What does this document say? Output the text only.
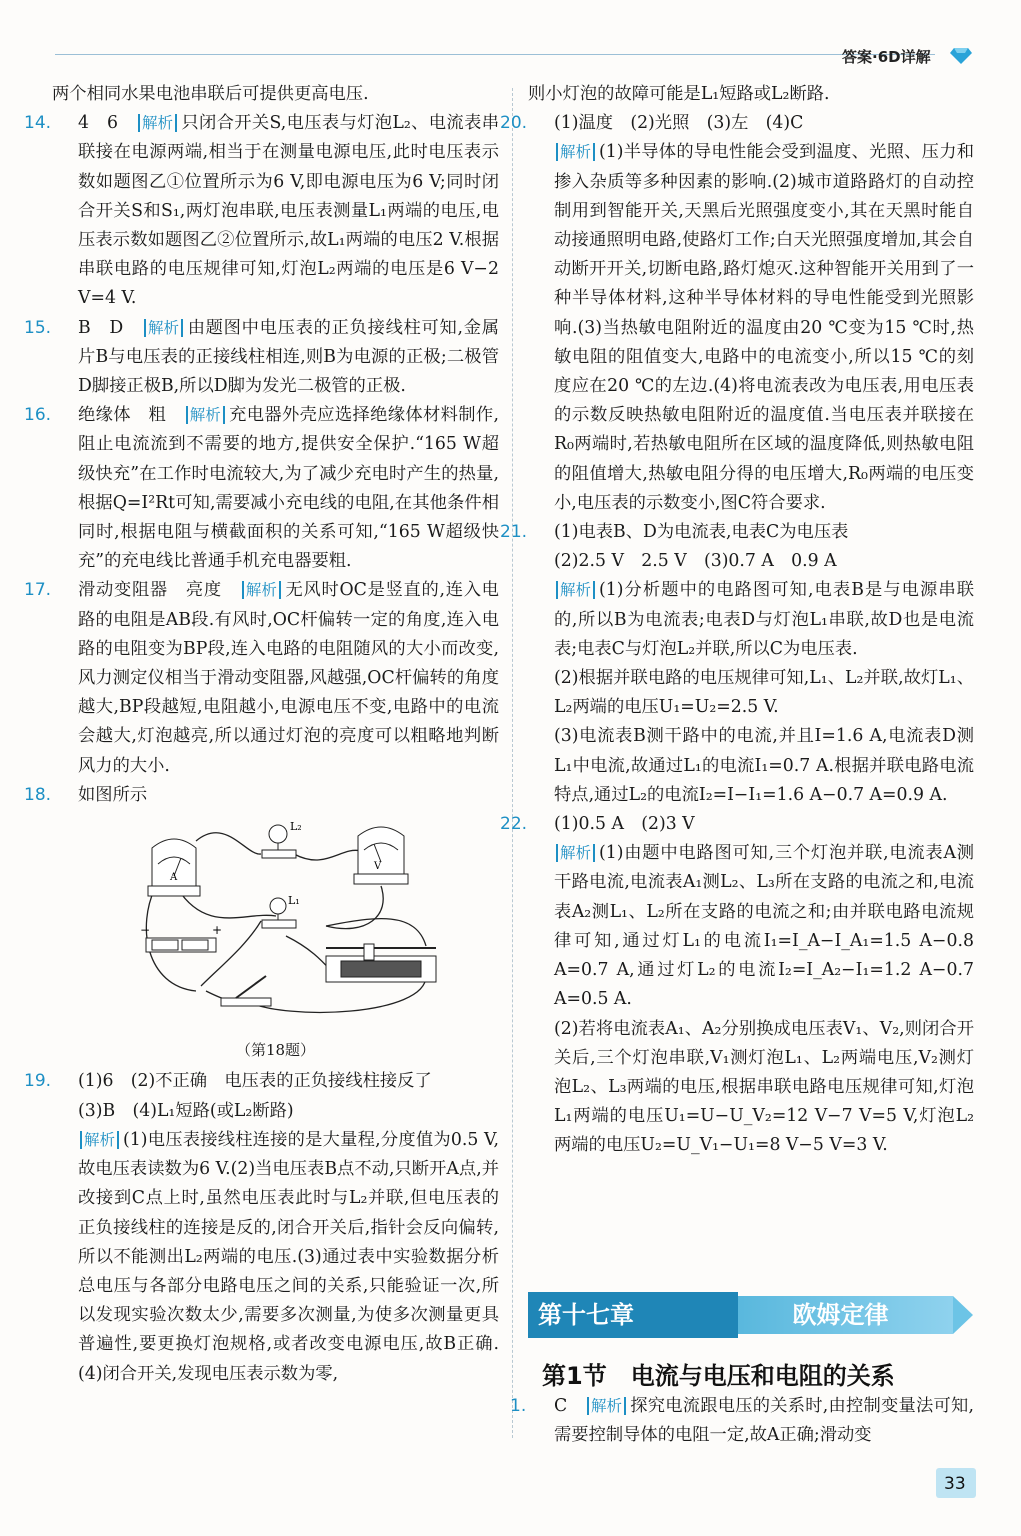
答案·6D详解

两个相同水果电池串联后可提供更高电压.

14.	4　6　 解析 只闭合开关S,电压表与灯泡L₂、电流表串联接在电源两端,相当于在测量电源电压,此时电压表示数如题图乙①位置所示为6 V,即电源电压为6 V;同时闭合开关S和S₁,两灯泡串联,电压表测量L₁两端的电压,电压表示数如题图乙②位置所示,故L₁两端的电压2 V.根据串联电路的电压规律可知,灯泡L₂两端的电压是6 V−2 V=4 V.

15.	B　D　 解析 由题图中电压表的正负接线柱可知,金属片B与电压表的正接线柱相连,则B为电源的正极;二极管D脚接正极B,所以D脚为发光二极管的正极.

16.	绝缘体　粗　 解析 充电器外壳应选择绝缘体材料制作,阻止电流流到不需要的地方,提供安全保护.“165 W超级快充”在工作时电流较大,为了减少充电时产生的热量,根据Q=I²Rt可知,需要减小充电线的电阻,在其他条件相同时,根据电阻与横截面积的关系可知,“165 W超级快充”的充电线比普通手机充电器要粗.

17.	滑动变阻器　亮度　 解析 无风时OC是竖直的,连入电路的电阻是AB段.有风时,OC杆偏转一定的角度,连入电路的电阻变为BP段,连入电路的电阻随风的大小而改变,风力测定仪相当于滑动变阻器,风越强,OC杆偏转的角度越大,BP段越短,电阻越小,电源电压不变,电路中的电流会越大,灯泡越亮,所以通过灯泡的亮度可以粗略地判断风力的大小.

18.	如图所示

A
V
L₂
L₁
−	+

（第18题）

19.	(1)6　(2)不正确　电压表的正负接线柱接反了

(3)B　(4)L₁短路(或L₂断路)

解析 (1)电压表接线柱连接的是大量程,分度值为0.5 V,故电压表读数为6 V.(2)当电压表B点不动,只断开A点,并改接到C点上时,虽然电压表此时与L₂并联,但电压表的正负接线柱的连接是反的,闭合开关后,指针会反向偏转,所以不能测出L₂两端的电压.(3)通过表中实验数据分析总电压与各部分电路电压之间的关系,只能验证一次,所以发现实验次数太少,需要多次测量,为使多次测量更具普遍性,要更换灯泡规格,或者改变电源电压,故B正确.(4)闭合开关,发现电压表示数为零,

则小灯泡的故障可能是L₁短路或L₂断路.

20.	(1)温度　(2)光照　(3)左　(4)C

解析 (1)半导体的导电性能会受到温度、光照、压力和掺入杂质等多种因素的影响.(2)城市道路路灯的自动控制用到智能开关,天黑后光照强度变小,其在天黑时能自动接通照明电路,使路灯工作;白天光照强度增加,其会自动断开开关,切断电路,路灯熄灭.这种智能开关用到了一种半导体材料,这种半导体材料的导电性能受到光照影响.(3)当热敏电阻附近的温度由20 ℃变为15 ℃时,热敏电阻的阻值变大,电路中的电流变小,所以15 ℃的刻度应在20 ℃的左边.(4)将电流表改为电压表,用电压表的示数反映热敏电阻附近的温度值.当电压表并联接在R₀两端时,若热敏电阻所在区域的温度降低,则热敏电阻的阻值增大,热敏电阻分得的电压增大,R₀两端的电压变小,电压表的示数变小,图C符合要求.

21.	(1)电表B、D为电流表,电表C为电压表

(2)2.5 V　2.5 V　(3)0.7 A　0.9 A

解析 (1)分析题中的电路图可知,电表B是与电源串联的,所以B为电流表;电表D与灯泡L₁串联,故D也是电流表;电表C与灯泡L₂并联,所以C为电压表.

(2)根据并联电路的电压规律可知,L₁、L₂并联,故灯L₁、L₂两端的电压U₁=U₂=2.5 V.

(3)电流表B测干路中的电流,并且I=1.6 A,电流表D测L₁中电流,故通过L₁的电流I₁=0.7 A.根据并联电路电流特点,通过L₂的电流I₂=I−I₁=1.6 A−0.7 A=0.9 A.

22.	(1)0.5 A　(2)3 V

解析 (1)由题中电路图可知,三个灯泡并联,电流表A测干路电流,电流表A₁测L₂、L₃所在支路的电流之和,电流表A₂测L₁、L₂所在支路的电流之和;由并联电路电流规律可知,通过灯L₁的电流I₁=I_A−I_A₁=1.5 A−0.8 A=0.7 A,通过灯L₂的电流I₂=I_A₂−I₁=1.2 A−0.7 A=0.5 A.

(2)若将电流表A₁、A₂分别换成电压表V₁、V₂,则闭合开关后,三个灯泡串联,V₁测灯泡L₁、L₂两端电压,V₂测灯泡L₂、L₃两端的电压,根据串联电路电压规律可知,灯泡L₁两端的电压U₁=U−U_V₂=12 V−7 V=5 V,灯泡L₂两端的电压U₂=U_V₁−U₁=8 V−5 V=3 V.

欧姆定律
第十七章
第1节　电流与电压和电阻的关系
1.	C　 解析 探究电流跟电压的关系时,由控制变量法可知,需要控制导体的电阻一定,故A正确;滑动变

33
